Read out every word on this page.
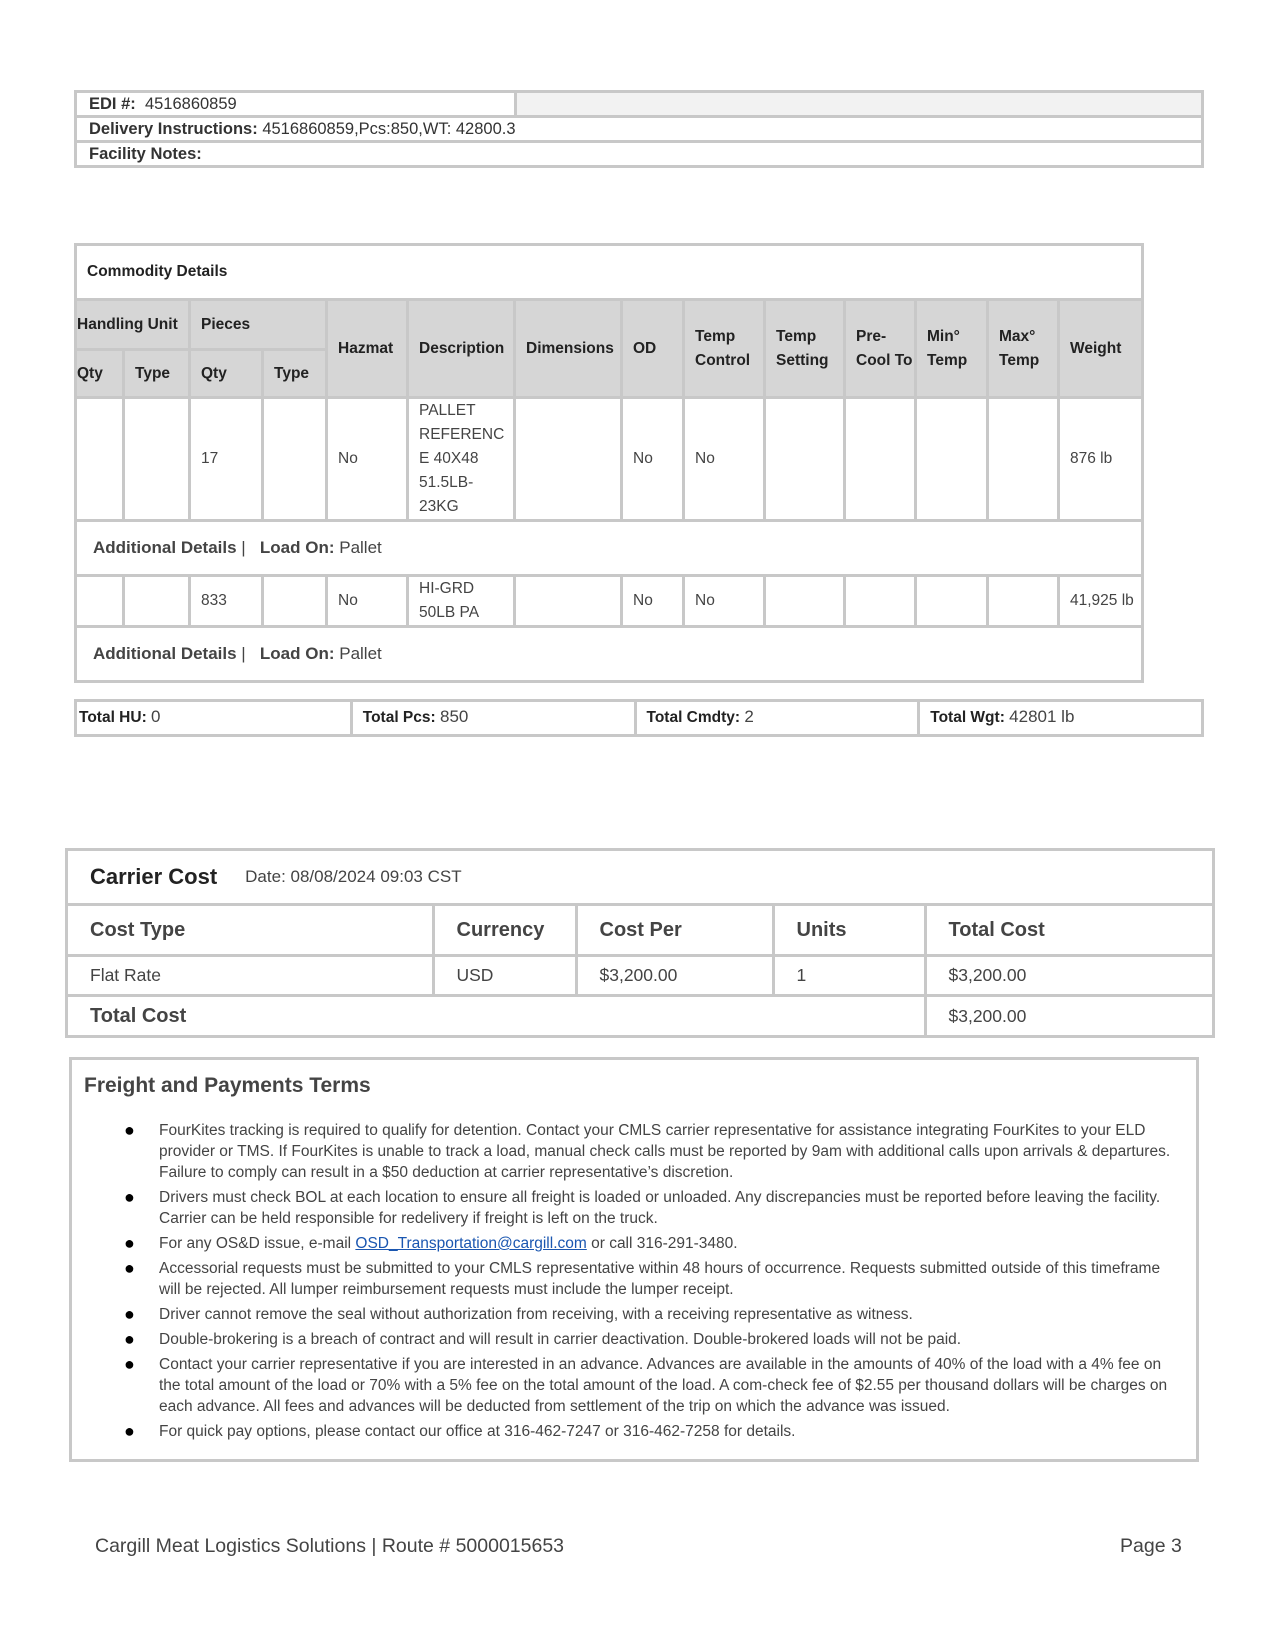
EDI #: 4516860859
Delivery Instructions: 4516860859,Pcs:850,WT: 42800.3
Facility Notes:
Commodity Details													
Handling Unit		Pieces		Hazmat	Description	Dimensions	OD	Temp Control	Temp Setting	Pre-Cool To	Min° Temp	Max° Temp	Weight
Qty	Type	Qty	Type										
		17		No	PALLET REFERENC E 40X48 51.5LB- 23KG		No	No					876 lb
Additional Details |   Load On: Pallet													
		833		No	HI-GRD 50LB PA		No	No					41,925 lb
Additional Details |   Load On: Pallet													
Total HU: 0	Total Pcs: 850	Total Cmdty: 2	Total Wgt: 42801 lb
Carrier Cost Date: 08/08/2024 09:03 CST
Cost Type	Currency	Cost Per	Units	Total Cost
Flat Rate	USD	$3,200.00	1	$3,200.00
Total Cost				$3,200.00
Freight and Payments Terms
● FourKites tracking is required to qualify for detention. Contact your CMLS carrier representative for assistance integrating FourKites to your ELD provider or TMS. If FourKites is unable to track a load, manual check calls must be reported by 9am with additional calls upon arrivals & departures. Failure to comply can result in a $50 deduction at carrier representative’s discretion.
● Drivers must check BOL at each location to ensure all freight is loaded or unloaded. Any discrepancies must be reported before leaving the facility. Carrier can be held responsible for redelivery if freight is left on the truck.
● For any OS&D issue, e-mail OSD_Transportation@cargill.com or call 316-291-3480.
● Accessorial requests must be submitted to your CMLS representative within 48 hours of occurrence. Requests submitted outside of this timeframe will be rejected. All lumper reimbursement requests must include the lumper receipt.
● Driver cannot remove the seal without authorization from receiving, with a receiving representative as witness.
● Double-brokering is a breach of contract and will result in carrier deactivation. Double-brokered loads will not be paid.
● Contact your carrier representative if you are interested in an advance. Advances are available in the amounts of 40% of the load with a 4% fee on the total amount of the load or 70% with a 5% fee on the total amount of the load. A com-check fee of $2.55 per thousand dollars will be charges on each advance. All fees and advances will be deducted from settlement of the trip on which the advance was issued.
● For quick pay options, please contact our office at 316-462-7247 or 316-462-7258 for details.
Cargill Meat Logistics Solutions | Route # 5000015653	Page 3
